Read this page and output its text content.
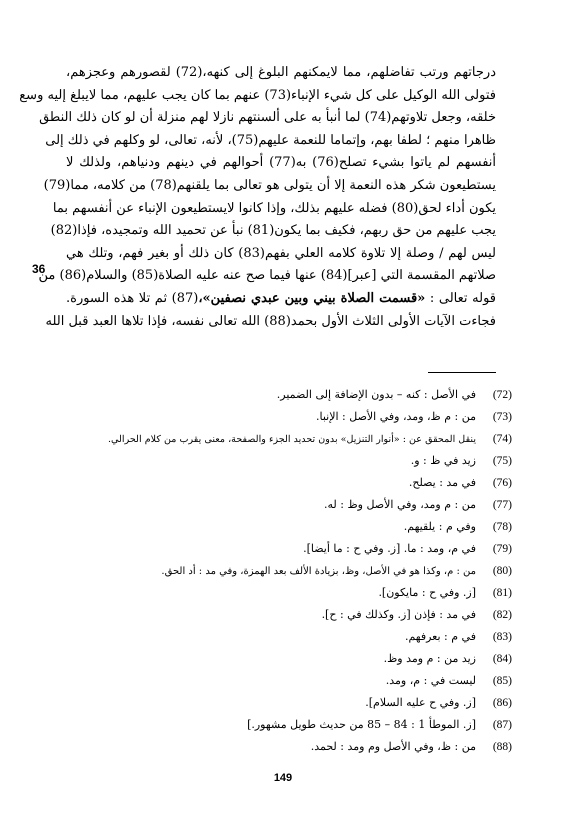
درجاتهم ورتب تفاضلهم، مما لايمكنهم البلوغ إلى كنهه،(72) لقصورهم وعجزهم،
فتولى الله الوكيل على كل شيء الإنباء(73) عنهم بما كان يجب عليهم، مما لايبلغ إليه وسع
خلقه، وجعل تلاوتهم(74) لما أنبأ به على ألسنتهم نازلا لهم منزلة أن لو كان ذلك النطق
ظاهرا منهم ؛ لطفا بهم، وإتماما للنعمة عليهم(75)، لأنه، تعالى، لو وكلهم في ذلك إلى
أنفسهم لم ياتوا بشيء تصلح(76) به(77) أحوالهم في دينهم ودنياهم، ولذلك لا
يستطيعون شكر هذه النعمة إلا أن يتولى هو تعالى بما يلقنهم(78) من كلامه، مما(79)
يكون أداء لحق(80) فضله عليهم بذلك، وإذا كانوا لايستطيعون الإنباء عن أنفسهم بما
يجب عليهم من حق ربهم، فكيف بما يكون(81) نبأ عن تحميد الله وتمجيده، فإذا(82)
ليس لهم / وصلة إلا تلاوة كلامه العلي بفهم(83) كان ذلك أو بغير فهم، وتلك هي
صلاتهم المقسمة التي [عبر](84) عنها فيما صح عنه عليه الصلاة(85) والسلام(86) من
قوله تعالى : «قسمت الصلاة بيني وبين عبدي نصفين»،(87) ثم تلا هذه السورة.
فجاءت الآيات الأولى الثلاث الأول بحمد(88) الله تعالى نفسه، فإذا تلاها العبد قبل الله
36
(72)
في الأصل : كنه – بدون الإضافة إلى الضمير.
(73)
من : م ظ، ومد، وفي الأصل : الإنبا.
(74)
ينقل المحقق عن : «أنوار التنزيل» بدون تحديد الجزء والصفحة، معنى يقرب من كلام الحرالي.
(75)
زيد في ظ : و.
(76)
في مد : يصلح.
(77)
من : م ومد، وفي الأصل وظ : له.
(78)
وفي م : يلقيهم.
(79)
في م، ومد : ما. [ز. وفي ح : ما أيضا].
(80)
من : م، وكذا هو في الأصل، وظ، بزيادة الألف بعد الهمزة، وفي مد : أد الحق.
(81)
[ز. وفي ح : مايكون].
(82)
في مد : فإذن [ز. وكذلك في : ح].
(83)
في م : بعرفهم.
(84)
زيد من : م ومد وظ.
(85)
ليست في : م، ومد.
(86)
[ز. وفي ح عليه السلام].
(87)
[ز. الموطأ 1 : 84 – 85 من حديث طويل مشهور.]
(88)
من : ظ، وفي الأصل وم ومد : لحمد.
149
